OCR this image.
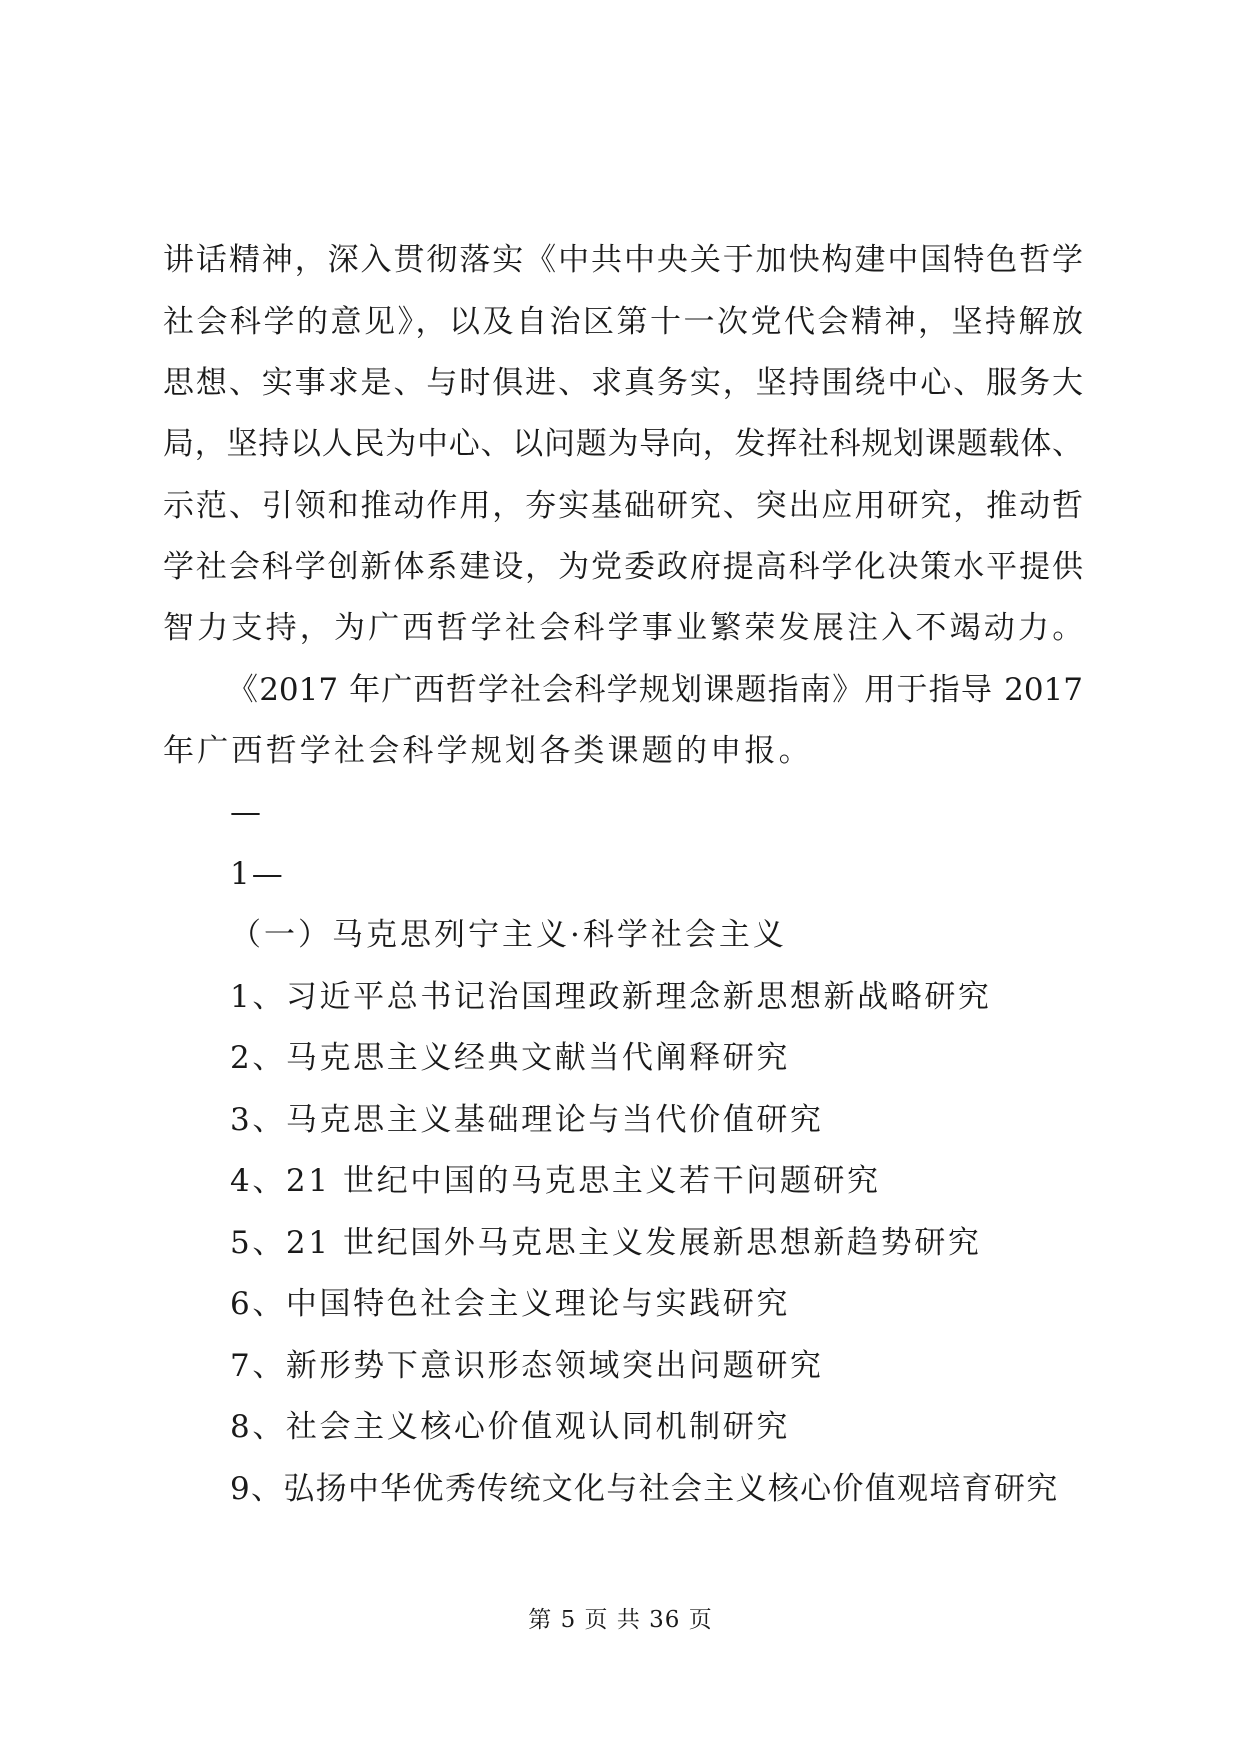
讲话精神，深入贯彻落实《中共中央关于加快构建中国特色哲学
社会科学的意见》，以及自治区第十一次党代会精神，坚持解放
思想、实事求是、与时俱进、求真务实，坚持围绕中心、服务大
局，坚持以人民为中心、以问题为导向，发挥社科规划课题载体、
示范、引领和推动作用，夯实基础研究、突出应用研究，推动哲
学社会科学创新体系建设，为党委政府提高科学化决策水平提供
智力支持，为广西哲学社会科学事业繁荣发展注入不竭动力。
《2017 年广西哲学社会科学规划课题指南》用于指导 2017
年广西哲学社会科学规划各类课题的申报。
—
1—
（一）马克思列宁主义·科学社会主义
1、习近平总书记治国理政新理念新思想新战略研究
2、马克思主义经典文献当代阐释研究
3、马克思主义基础理论与当代价值研究
4、21 世纪中国的马克思主义若干问题研究
5、21 世纪国外马克思主义发展新思想新趋势研究
6、中国特色社会主义理论与实践研究
7、新形势下意识形态领域突出问题研究
8、社会主义核心价值观认同机制研究
9、弘扬中华优秀传统文化与社会主义核心价值观培育研究
第 5 页 共 36 页
